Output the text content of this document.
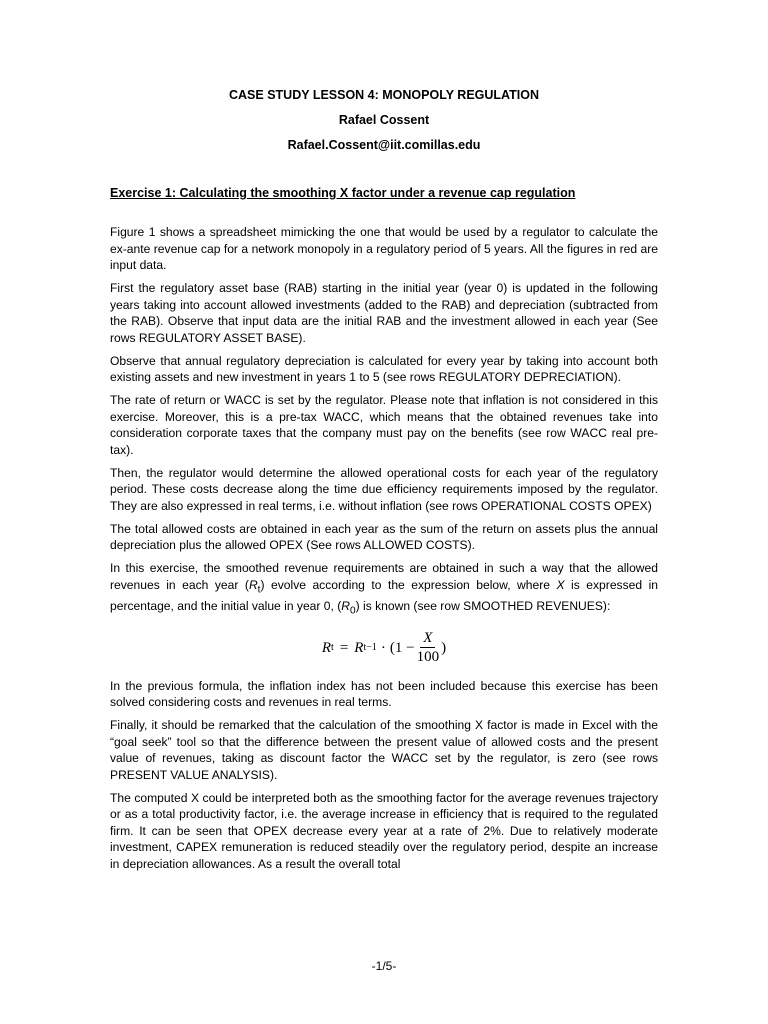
CASE STUDY LESSON 4: MONOPOLY REGULATION
Rafael Cossent
Rafael.Cossent@iit.comillas.edu
Exercise 1: Calculating the smoothing X factor under a revenue cap regulation

Figure 1 shows a spreadsheet mimicking the one that would be used by a regulator to calculate the ex-ante revenue cap for a network monopoly in a regulatory period of 5 years. All the figures in red are input data.

First the regulatory asset base (RAB) starting in the initial year (year 0) is updated in the following years taking into account allowed investments (added to the RAB) and depreciation (subtracted from the RAB). Observe that input data are the initial RAB and the investment allowed in each year (See rows REGULATORY ASSET BASE).

Observe that annual regulatory depreciation is calculated for every year by taking into account both existing assets and new investment in years 1 to 5 (see rows REGULATORY DEPRECIATION).

The rate of return or WACC is set by the regulator. Please note that inflation is not considered in this exercise. Moreover, this is a pre-tax WACC, which means that the obtained revenues take into consideration corporate taxes that the company must pay on the benefits (see row WACC real pre-tax).

Then, the regulator would determine the allowed operational costs for each year of the regulatory period. These costs decrease along the time due efficiency requirements imposed by the regulator. They are also expressed in real terms, i.e. without inflation (see rows OPERATIONAL COSTS OPEX)

The total allowed costs are obtained in each year as the sum of the return on assets plus the annual depreciation plus the allowed OPEX (See rows ALLOWED COSTS).

In this exercise, the smoothed revenue requirements are obtained in such a way that the allowed revenues in each year $(R_t)$ evolve according to the expression below, where X is expressed in percentage, and the initial value in year 0, $(R_0)$ is known (see row SMOOTHED REVENUES):

R t = R $t-1 \cdot (1 - \frac{X}{100}$ )

In the previous formula, the inflation index has not been included because this exercise has been solved considering costs and revenues in real terms.

Finally, it should be remarked that the calculation of the smoothing X factor is made in Excel with the “goal seek” tool so that the difference between the present value of allowed costs and the present value of revenues, taking as discount factor the WACC set by the regulator, is zero (see rows PRESENT VALUE ANALYSIS).

The computed X could be interpreted both as the smoothing factor for the average revenues trajectory or as a total productivity factor, i.e. the average increase in efficiency that is required to the regulated firm. It can be seen that OPEX decrease every year at a rate of 2%. Due to relatively moderate investment, CAPEX remuneration is reduced steadily over the regulatory period, despite an increase in depreciation allowances. As a result the overall total

-1/5-
